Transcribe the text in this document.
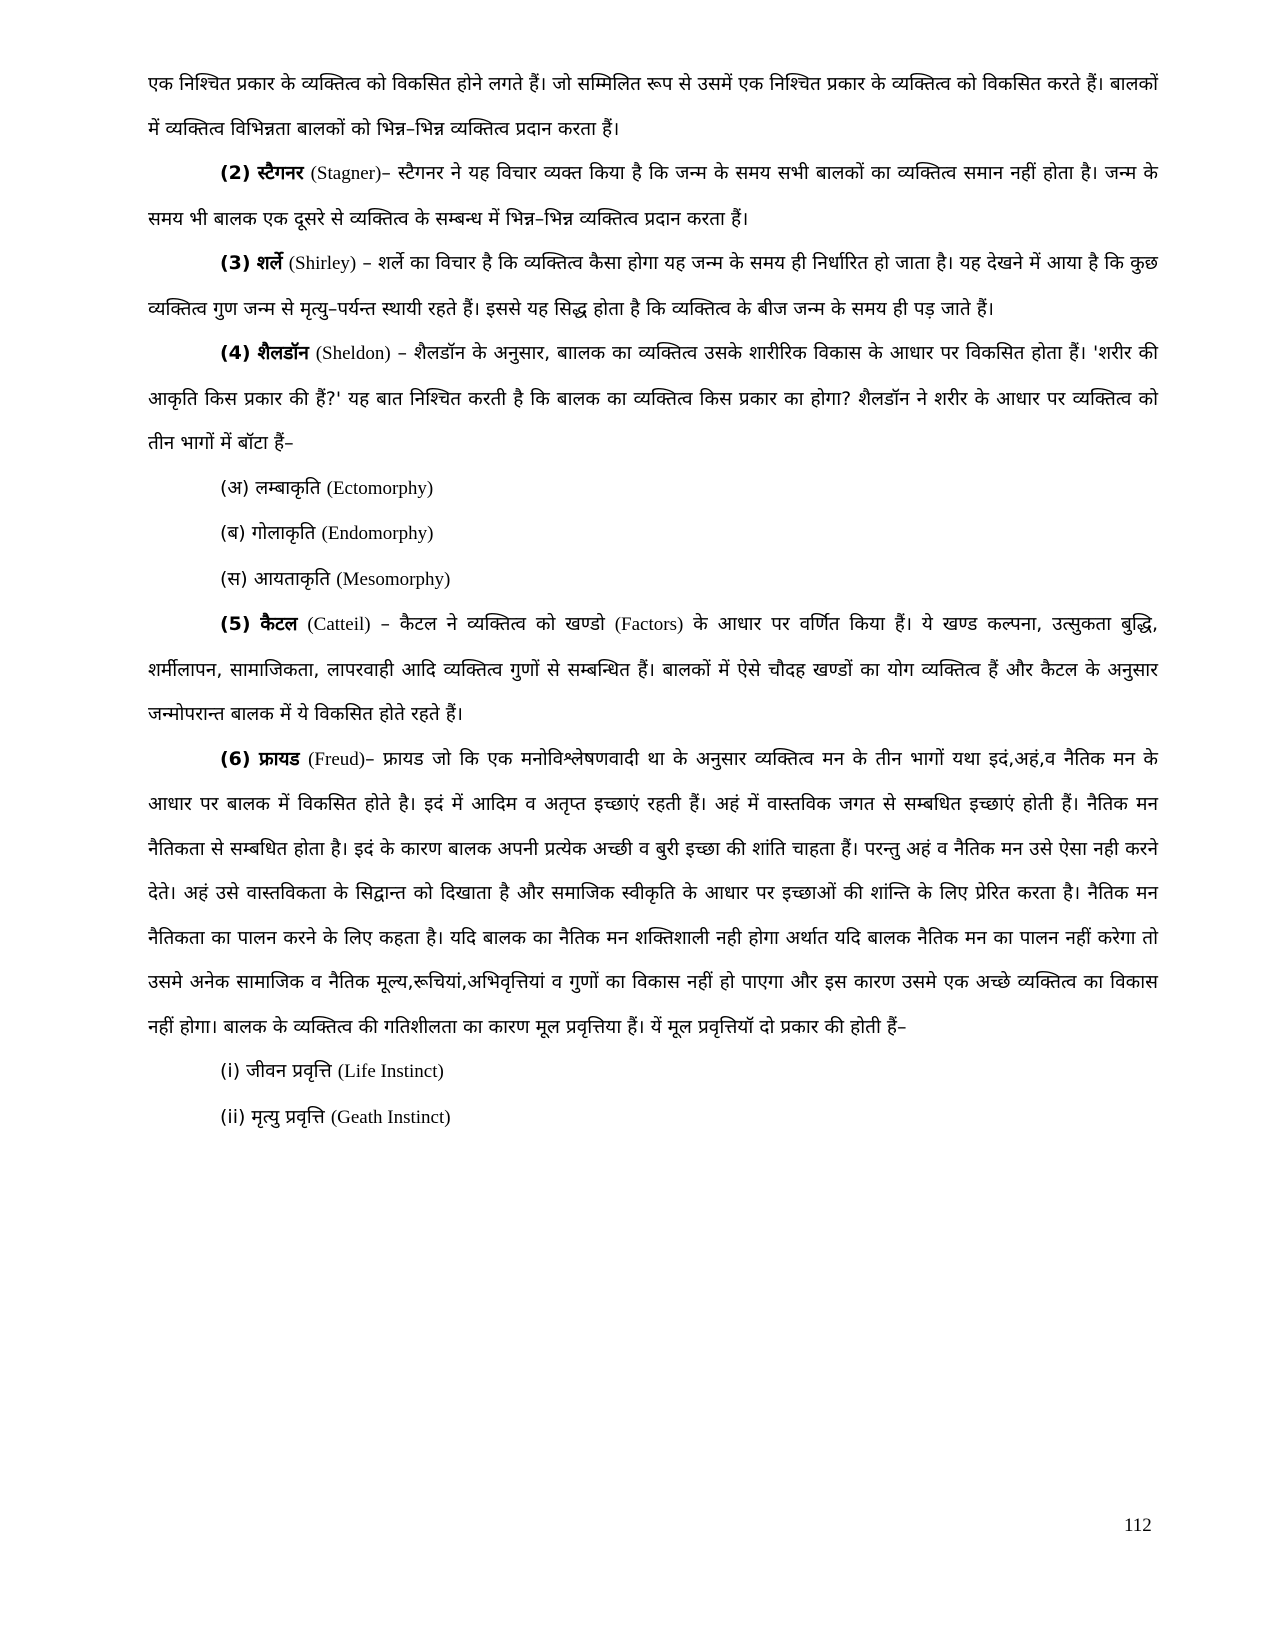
एक निश्चित प्रकार के व्यक्तित्व को विकसित होने लगते हैं। जो सम्मिलित रूप से उसमें एक निश्चित प्रकार के व्यक्तित्व को विकसित करते हैं। बालकों में व्यक्तित्व विभिन्नता बालकों को भिन्न–भिन्न व्यक्तित्व प्रदान करता हैं।

(2) स्टैगनर (Stagner)– स्टैगनर ने यह विचार व्यक्त किया है कि जन्म के समय सभी बालकों का व्यक्तित्व समान नहीं होता है। जन्म के समय भी बालक एक दूसरे से व्यक्तित्व के सम्बन्ध में भिन्न–भिन्न व्यक्तित्व प्रदान करता हैं।

(3) शर्ले (Shirley) – शर्ले का विचार है कि व्यक्तित्व कैसा होगा यह जन्म के समय ही निर्धारित हो जाता है। यह देखने में आया है कि कुछ व्यक्तित्व गुण जन्म से मृत्यु–पर्यन्त स्थायी रहते हैं। इससे यह सिद्ध होता है कि व्यक्तित्व के बीज जन्म के समय ही पड़ जाते हैं।

(4) शैलडॉन (Sheldon) – शैलडॉन के अनुसार, बाालक का व्यक्तित्व उसके शारीरिक विकास के आधार पर विकसित होता हैं। 'शरीर की आकृति किस प्रकार की हैं?' यह बात निश्चित करती है कि बालक का व्यक्तित्व किस प्रकार का होगा? शैलडॉन ने शरीर के आधार पर व्यक्तित्व को तीन भागों में बॉटा हैं–

(अ) लम्बाकृति (Ectomorphy)
(ब) गोलाकृति (Endomorphy)
(स) आयताकृति (Mesomorphy)

(5) कैटल (Catteil) – कैटल ने व्यक्तित्व को खण्डो (Factors) के आधार पर वर्णित किया हैं। ये खण्ड कल्पना, उत्सुकता बुद्धि, शर्मीलापन, सामाजिकता, लापरवाही आदि व्यक्तित्व गुणों से सम्बन्धित हैं। बालकों में ऐसे चौदह खण्डों का योग व्यक्तित्व हैं और कैटल के अनुसार जन्मोपरान्त बालक में ये विकसित होते रहते हैं।

(6) फ्रायड (Freud)– फ्रायड जो कि एक मनोविश्लेषणवादी था के अनुसार व्यक्तित्व मन के तीन भागों यथा इदं,अहं,व नैतिक मन के आधार पर बालक में विकसित होते है। इदं में आदिम व अतृप्त इच्छाएं रहती हैं। अहं में वास्तविक जगत से सम्बधित इच्छाएं होती हैं। नैतिक मन नैतिकता से सम्बधित होता है। इदं के कारण बालक अपनी प्रत्येक अच्छी व बुरी इच्छा की शांति चाहता हैं। परन्तु अहं व नैतिक मन उसे ऐसा नही करने देते। अहं उसे वास्तविकता के सिद्वान्त को दिखाता है और समाजिक स्वीकृति के आधार पर इच्छाओं की शांन्ति के लिए प्रेरित करता है। नैतिक मन नैतिकता का पालन करने के लिए कहता है। यदि बालक का नैतिक मन शक्तिशाली नही होगा अर्थात यदि बालक नैतिक मन का पालन नहीं करेगा तो उसमे अनेक सामाजिक व नैतिक मूल्य,रूचियां,अभिवृत्तियां व गुणों का विकास नहीं हो पाएगा और इस कारण उसमे एक अच्छे व्यक्तित्व का विकास नहीं होगा। बालक के व्यक्तित्व की गतिशीलता का कारण मूल प्रवृत्तिया हैं। यें मूल प्रवृत्तियॉ दो प्रकार की होती हैं–

(i) जीवन प्रवृत्ति (Life Instinct)
(ii) मृत्यु प्रवृत्ति (Geath Instinct)
112
